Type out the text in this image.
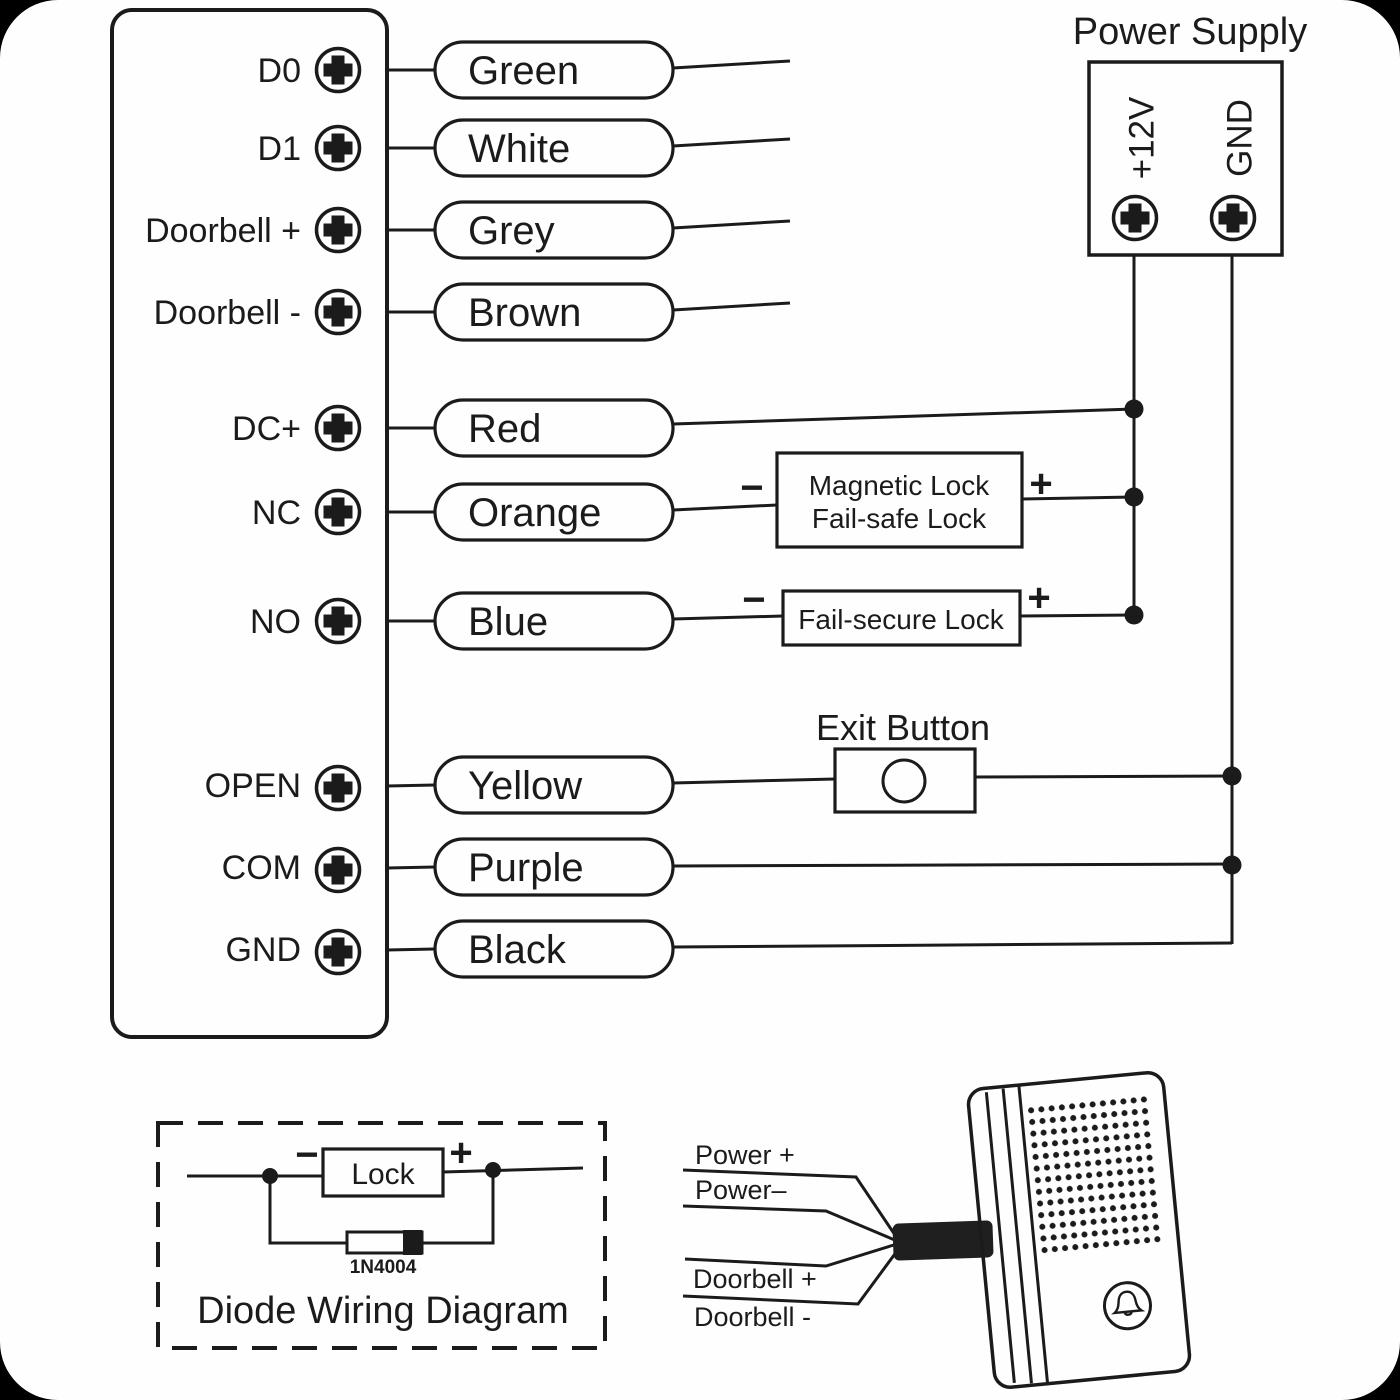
D0	Green
D1	White
Doorbell +	Grey
Doorbell -	Brown
DC+	Red
NC	Orange
NO	Blue
OPEN	Yellow
COM	Purple
GND	Black
Power Supply
+12V GND
− Magnetic Lock
Fail-safe Lock
+
− Fail-secure Lock +
Exit Button
− Lock +
1N4004
Diode Wiring Diagram
Power +
Power–
Doorbell +
Doorbell -
